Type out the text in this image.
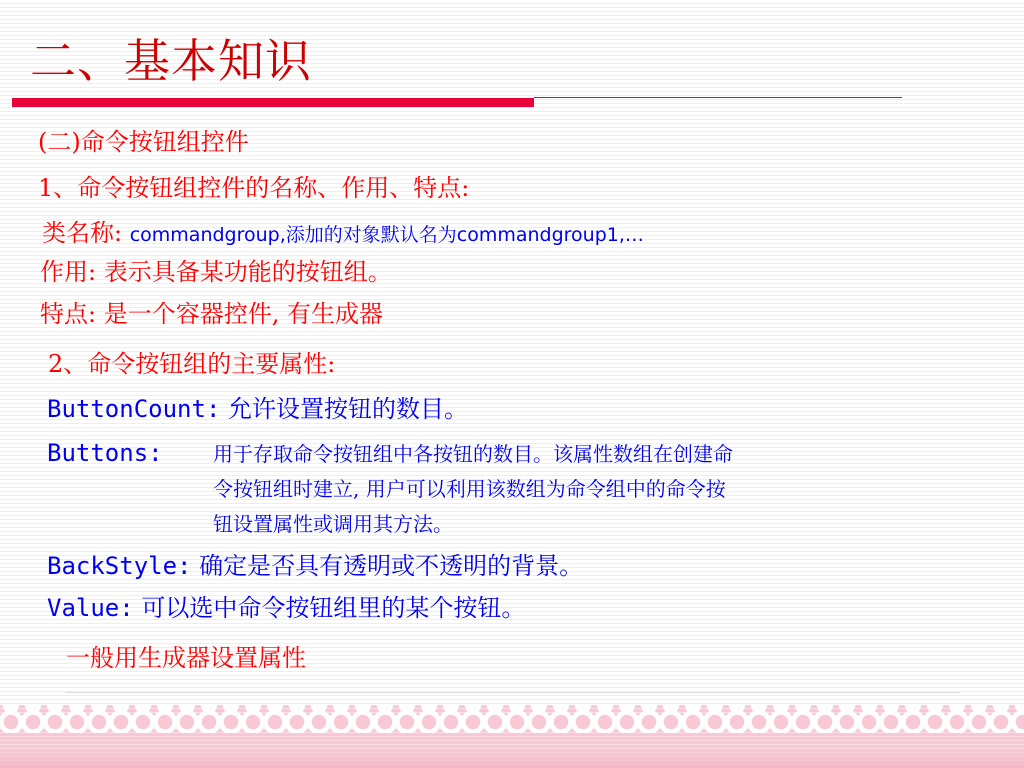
二、基本知识
(二)命令按钮组控件
1、命令按钮组控件的名称、作用、特点:
类名称: commandgroup,添加的对象默认名为commandgroup1,…
作用: 表示具备某功能的按钮组。
特点: 是一个容器控件, 有生成器
2、命令按钮组的主要属性:
ButtonCount: 允许设置按钮的数目。
Buttons:	用于存取命令按钮组中各按钮的数目。该属性数组在创建命
令按钮组时建立, 用户可以利用该数组为命令组中的命令按
钮设置属性或调用其方法。
BackStyle: 确定是否具有透明或不透明的背景。
Value: 可以选中命令按钮组里的某个按钮。
一般用生成器设置属性
